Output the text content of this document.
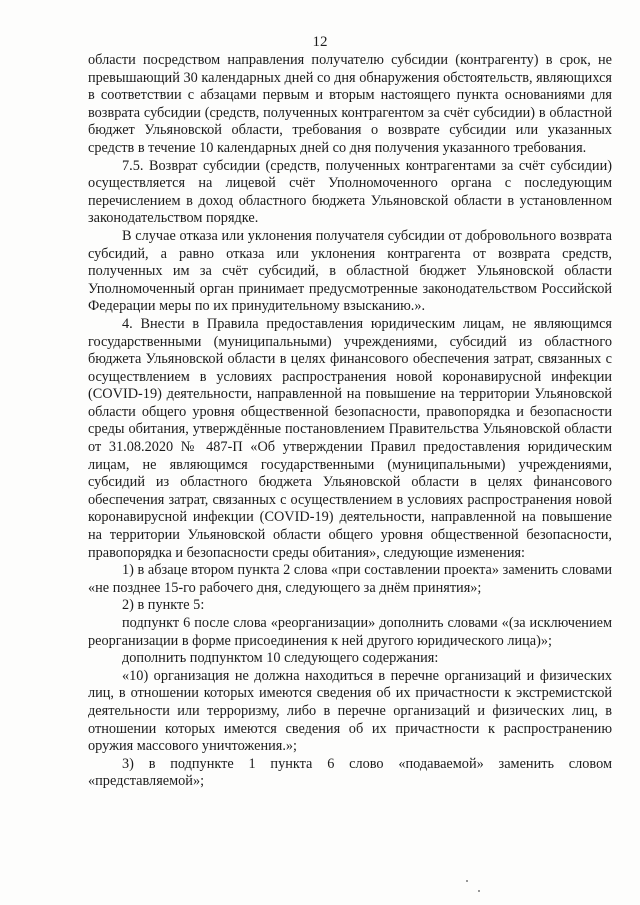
12

области посредством направления получателю субсидии (контрагенту) в срок, не превышающий 30 календарных дней со дня обнаружения обстоятельств, являющихся в соответствии с абзацами первым и вторым настоящего пункта основаниями для возврата субсидии (средств, полученных контрагентом за счёт субсидии) в областной бюджет Ульяновской области, требования о возврате субсидии или указанных средств в течение 10 календарных дней со дня получения указанного требования.

7.5. Возврат субсидии (средств, полученных контрагентами за счёт субсидии) осуществляется на лицевой счёт Уполномоченного органа с последующим перечислением в доход областного бюджета Ульяновской области в установленном законодательством порядке.

В случае отказа или уклонения получателя субсидии от добровольного возврата субсидий, а равно отказа или уклонения контрагента от возврата средств, полученных им за счёт субсидий, в областной бюджет Ульяновской области Уполномоченный орган принимает предусмотренные законодательством Российской Федерации меры по их принудительному взысканию.».

4. Внести в Правила предоставления юридическим лицам, не являющимся государственными (муниципальными) учреждениями, субсидий из областного бюджета Ульяновской области в целях финансового обеспечения затрат, связанных с осуществлением в условиях распространения новой коронавирусной инфекции (COVID-19) деятельности, направленной на повышение на территории Ульяновской области общего уровня общественной безопасности, правопорядка и безопасности среды обитания, утверждённые постановлением Правительства Ульяновской области от 31.08.2020 № 487-П «Об утверждении Правил предоставления юридическим лицам, не являющимся государственными (муниципальными) учреждениями, субсидий из областного бюджета Ульяновской области в целях финансового обеспечения затрат, связанных с осуществлением в условиях распространения новой коронавирусной инфекции (COVID-19) деятельности, направленной на повышение на территории Ульяновской области общего уровня общественной безопасности, правопорядка и безопасности среды обитания», следующие изменения:

1) в абзаце втором пункта 2 слова «при составлении проекта» заменить словами «не позднее 15-го рабочего дня, следующего за днём принятия»;

2) в пункте 5:

подпункт 6 после слова «реорганизации» дополнить словами «(за исключением реорганизации в форме присоединения к ней другого юридического лица)»;

дополнить подпунктом 10 следующего содержания:

«10) организация не должна находиться в перечне организаций и физических лиц, в отношении которых имеются сведения об их причастности к экстремистской деятельности или терроризму, либо в перечне организаций и физических лиц, в отношении которых имеются сведения об их причастности к распространению оружия массового уничтожения.»;

3) в подпункте 1 пункта 6 слово «подаваемой» заменить словом «представляемой»;
